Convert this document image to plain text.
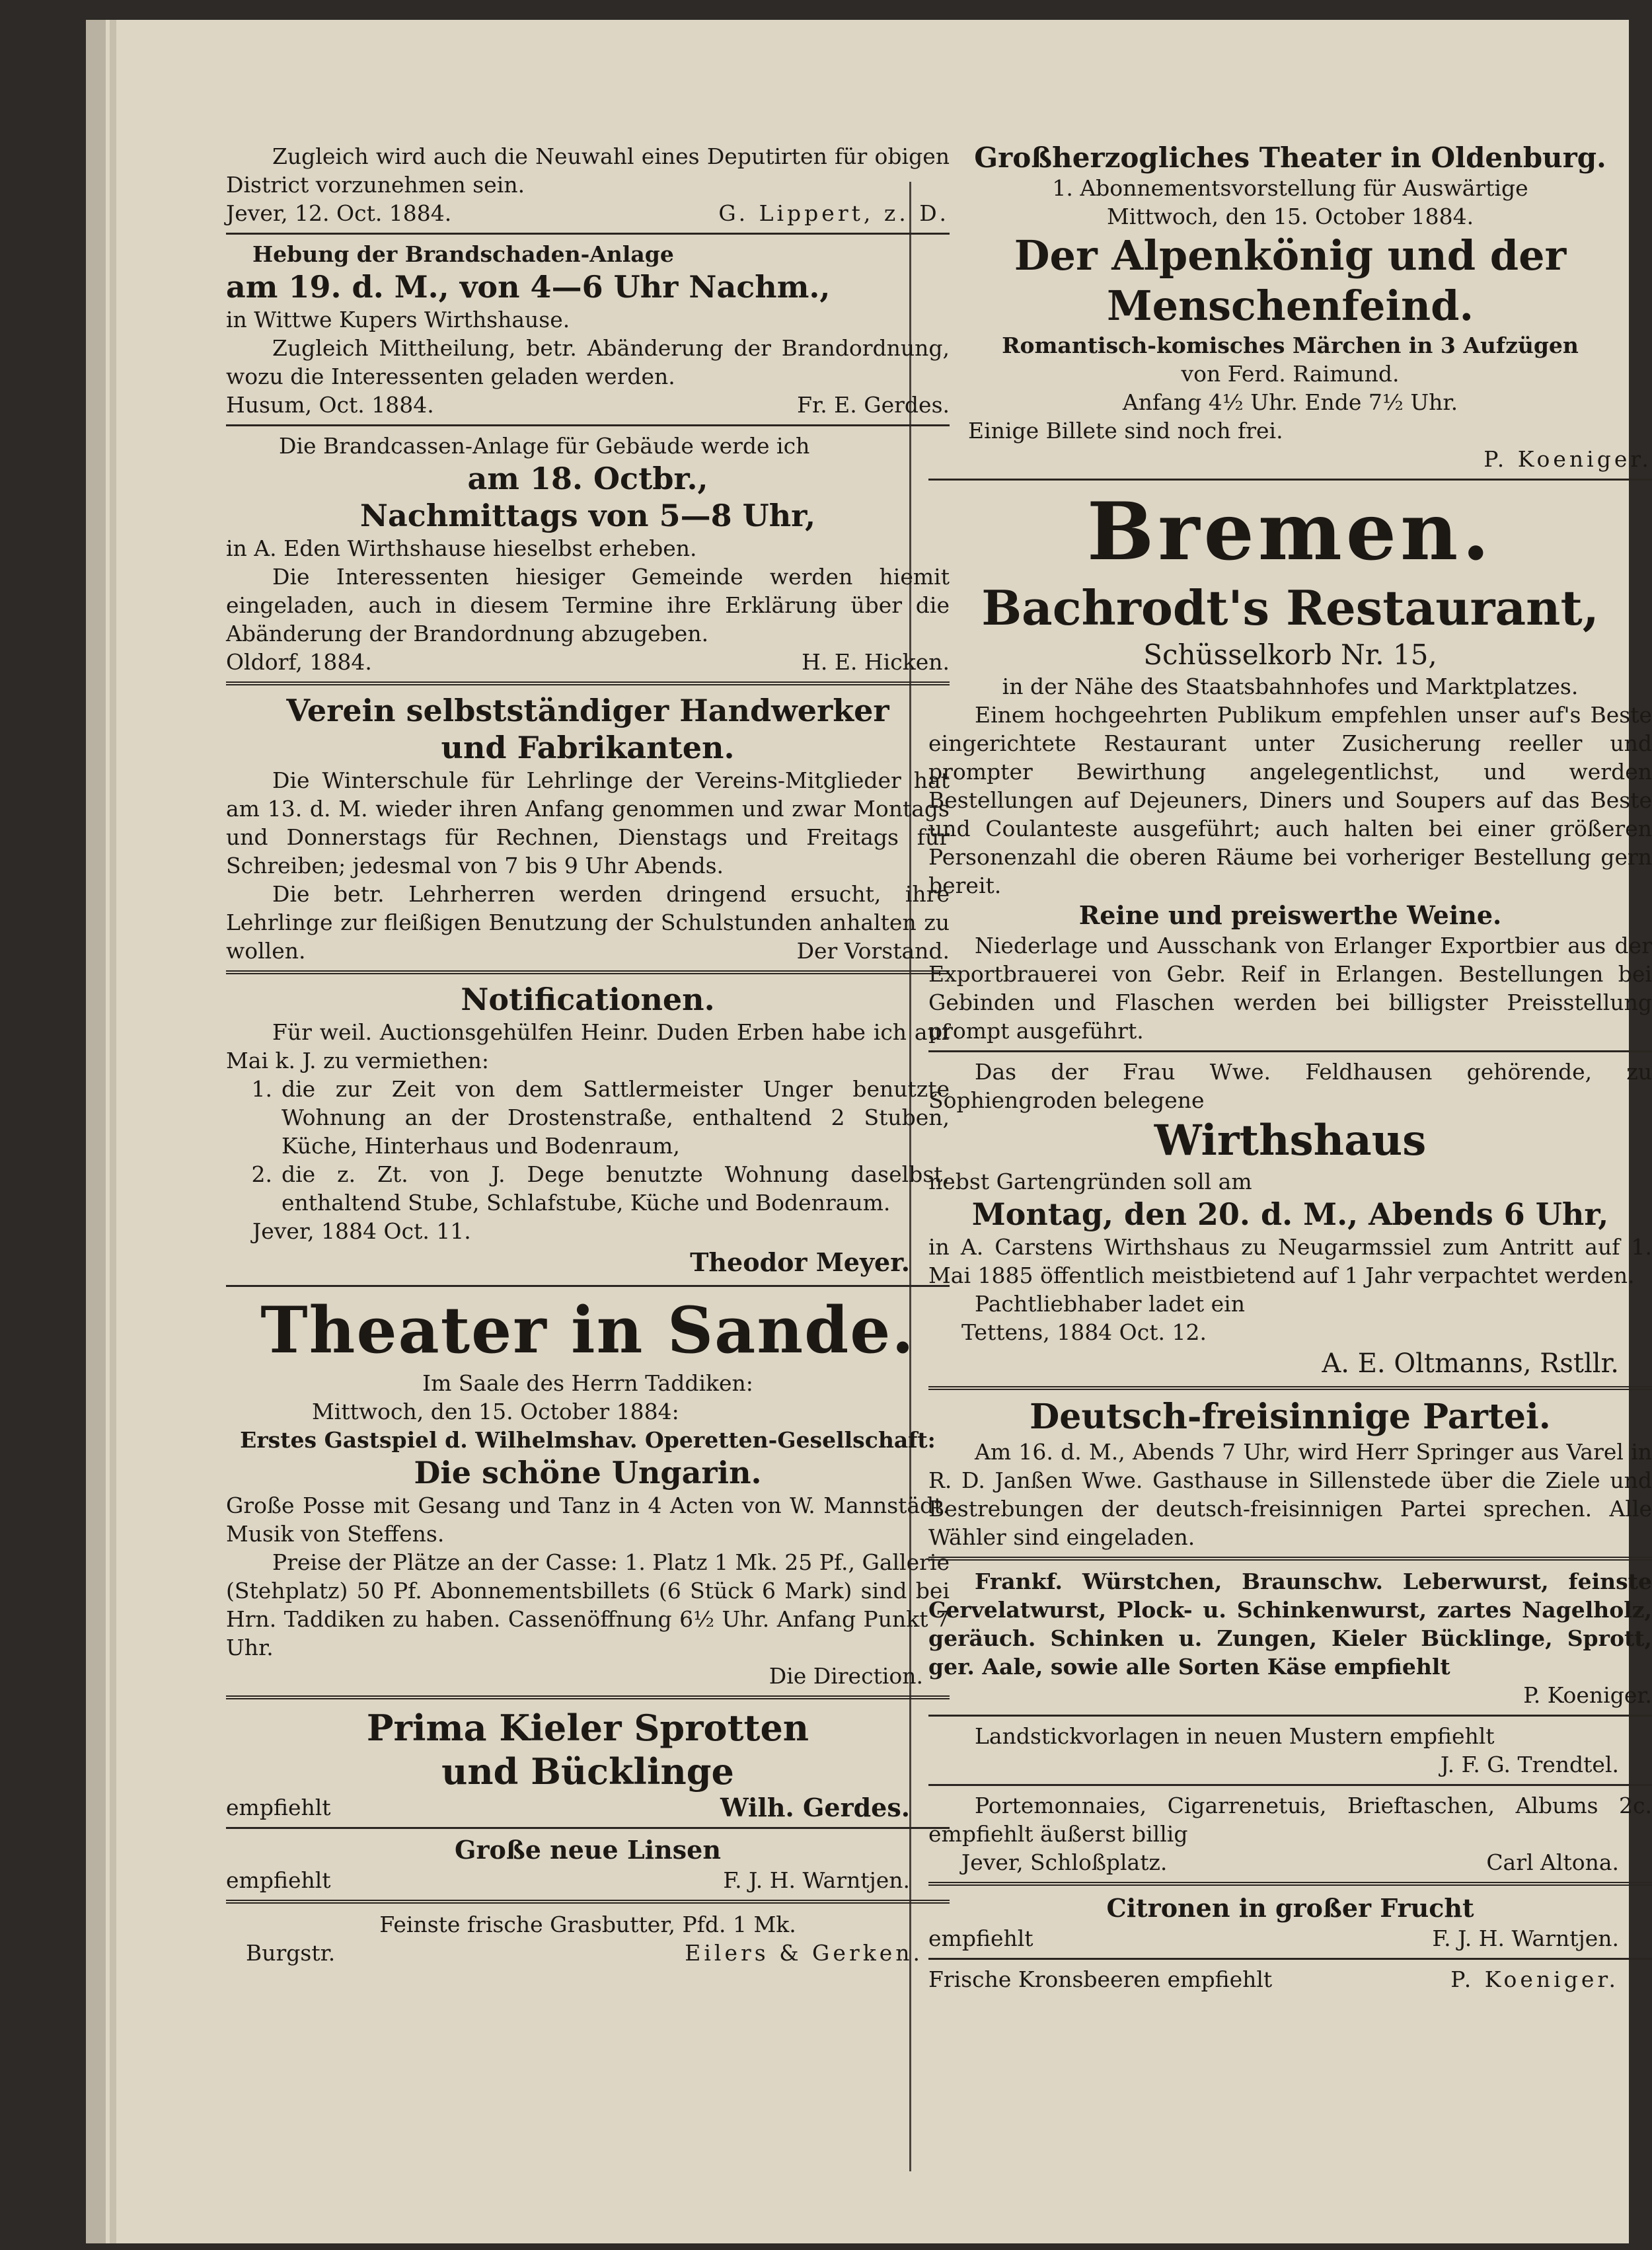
Zugleich wird auch die Neuwahl eines Deputirten für obigen District vorzunehmen sein.

Jever, 12. Oct. 1884.	G. Lippert, z. D.

Hebung der Brandschaden-Anlage

am 19. d. M., von 4—6 Uhr Nachm.,

in Wittwe Kupers Wirthshause.

Zugleich Mittheilung, betr. Abänderung der Brandordnung, wozu die Interessenten geladen werden.

Husum, Oct. 1884.	Fr. E. Gerdes.

Die Brandcassen-Anlage für Gebäude werde ich

am 18. Octbr.,
Nachmittags von 5—8 Uhr,

in A. Eden Wirthshause hieselbst erheben.

Die Interessenten hiesiger Gemeinde werden hiemit eingeladen, auch in diesem Termine ihre Erklärung über die Abänderung der Brandordnung abzugeben.

Oldorf, 1884.	H. E. Hicken.
Verein selbstständiger Handwerker
und Fabrikanten.

Die Winterschule für Lehrlinge der Vereins-Mitglieder hat am 13. d. M. wieder ihren Anfang genommen und zwar Montags und Donnerstags für Rechnen, Dienstags und Freitags für Schreiben; jedesmal von 7 bis 9 Uhr Abends.

Die betr. Lehrherren werden dringend ersucht, ihre Lehrlinge zur fleißigen Benutzung der Schulstunden anhalten zu wollen.	Der Vorstand.

Notificationen.

Für weil. Auctionsgehülfen Heinr. Duden Erben habe ich auf Mai k. J. zu vermiethen:

1. die zur Zeit von dem Sattlermeister Unger benutzte Wohnung an der Drostenstraße, enthaltend 2 Stuben, Küche, Hinterhaus und Bodenraum,
2. die z. Zt. von J. Dege benutzte Wohnung daselbst, enthaltend Stube, Schlafstube, Küche und Bodenraum.

Jever, 1884 Oct. 11.

Theodor Meyer.

Theater in Sande.

Im Saale des Herrn Taddiken:

Mittwoch, den 15. October 1884:

Erstes Gastspiel d. Wilhelmshav. Operetten-Gesellschaft:

Die schöne Ungarin.

Große Posse mit Gesang und Tanz in 4 Acten von W. Mannstädt. Musik von Steffens.

Preise der Plätze an der Casse: 1. Platz 1 Mk. 25 Pf., Gallerie (Stehplatz) 50 Pf. Abonnementsbillets (6 Stück 6 Mark) sind bei Hrn. Taddiken zu haben. Cassenöffnung 6½ Uhr. Anfang Punkt 7 Uhr.

Die Direction.

Prima Kieler Sprotten
und Bücklinge
empfiehlt	Wilh. Gerdes.
Große neue Linsen
empfiehlt	F. J. H. Warntjen.

Feinste frische Grasbutter, Pfd. 1 Mk.

Burgstr.	Eilers & Gerken.
Großherzogliches Theater in Oldenburg.

1. Abonnementsvorstellung für Auswärtige

Mittwoch, den 15. October 1884.

Der Alpenkönig und der
Menschenfeind.

Romantisch-komisches Märchen in 3 Aufzügen

von Ferd. Raimund.

Anfang 4½ Uhr. Ende 7½ Uhr.

Einige Billete sind noch frei.

P. Koeniger.

Bremen.
Bachrodt's Restaurant,

Schüsselkorb Nr. 15,

in der Nähe des Staatsbahnhofes und Marktplatzes.

Einem hochgeehrten Publikum empfehlen unser auf's Beste eingerichtete Restaurant unter Zusicherung reeller und prompter Bewirthung angelegentlichst, und werden Bestellungen auf Dejeuners, Diners und Soupers auf das Beste und Coulanteste ausgeführt; auch halten bei einer größeren Personenzahl die oberen Räume bei vorheriger Bestellung gern bereit.

Reine und preiswerthe Weine.

Niederlage und Ausschank von Erlanger Exportbier aus der Exportbrauerei von Gebr. Reif in Erlangen. Bestellungen bei Gebinden und Flaschen werden bei billigster Preisstellung prompt ausgeführt.

Das der Frau Wwe. Feldhausen gehörende, zu Sophiengroden belegene

Wirthshaus

nebst Gartengründen soll am

Montag, den 20. d. M., Abends 6 Uhr,

in A. Carstens Wirthshaus zu Neugarmssiel zum Antritt auf 1. Mai 1885 öffentlich meistbietend auf 1 Jahr verpachtet werden.

Pachtliebhaber ladet ein

Tettens, 1884 Oct. 12.

A. E. Oltmanns, Rstllr.

Deutsch-freisinnige Partei.

Am 16. d. M., Abends 7 Uhr, wird Herr Springer aus Varel in R. D. Janßen Wwe. Gasthause in Sillenstede über die Ziele und Bestrebungen der deutsch-freisinnigen Partei sprechen. Alle Wähler sind eingeladen.

Frankf. Würstchen, Braunschw. Leberwurst, feinste Cervelatwurst, Plock- u. Schinkenwurst, zartes Nagelholz, geräuch. Schinken u. Zungen, Kieler Bücklinge, Sprott, ger. Aale, sowie alle Sorten Käse empfiehlt

P. Koeniger.

Landstickvorlagen in neuen Mustern empfiehlt

J. F. G. Trendtel.

Portemonnaies, Cigarrenetuis, Brieftaschen, Albums 2c. empfiehlt äußerst billig

Jever, Schloßplatz.	Carl Altona.
Citronen in großer Frucht
empfiehlt	F. J. H. Warntjen.
Frische Kronsbeeren empfiehlt	P. Koeniger.
